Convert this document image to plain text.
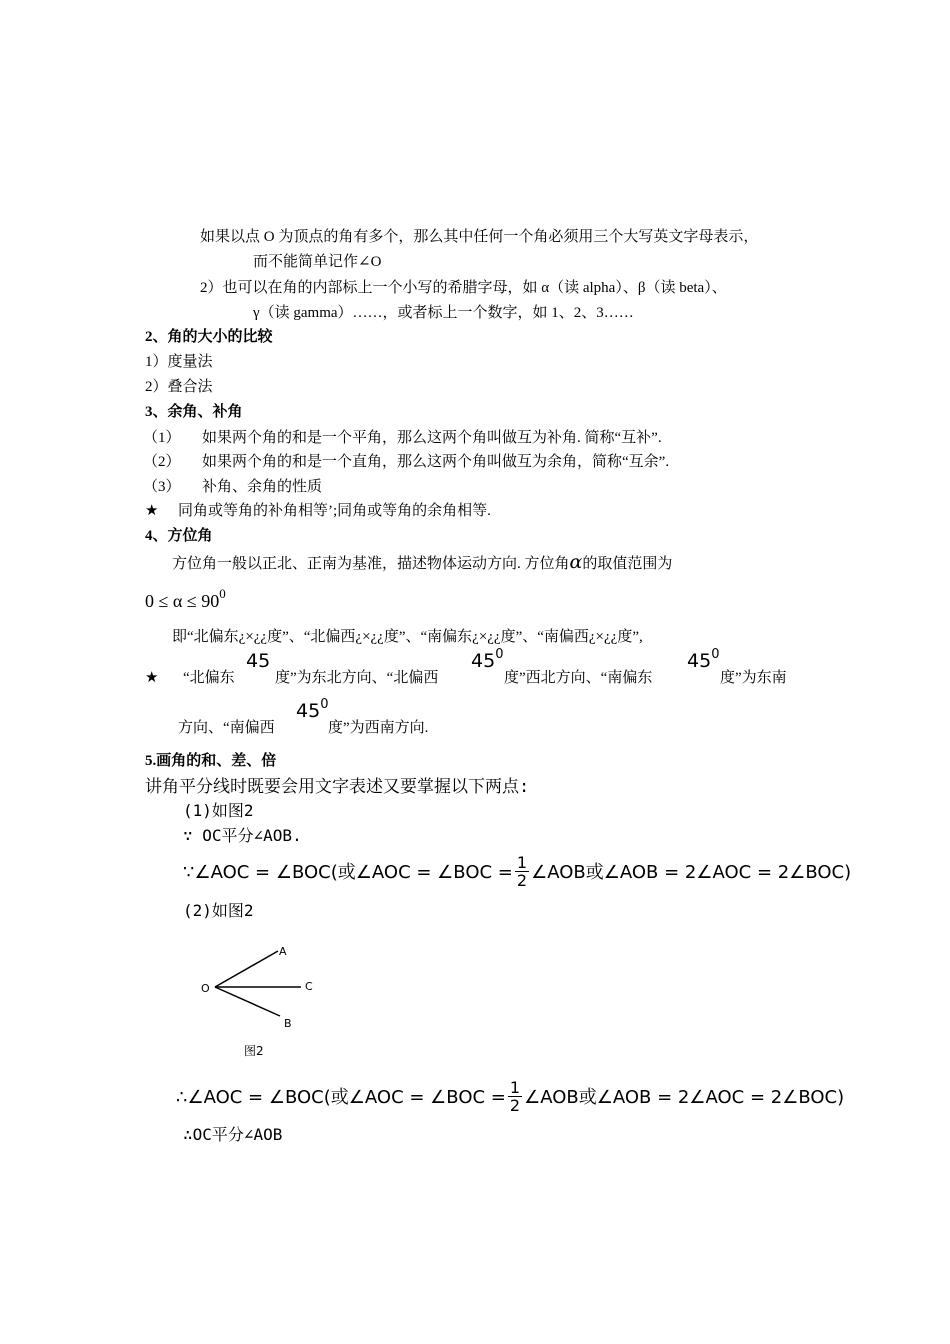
如果以点 O 为顶点的角有多个，那么其中任何一个角必须用三个大写英文字母表示，
而不能简单记作∠O
2）也可以在角的内部标上一个小写的希腊字母，如 α（读 alpha）、β（读 beta）、
γ（读 gamma）……，或者标上一个数字，如 1、2、3……
2、角的大小的比较
1）度量法
2）叠合法
3、余角、补角
（1） 如果两个角的和是一个平角，那么这两个角叫做互为补角. 简称“互补”.
（2） 如果两个角的和是一个直角，那么这两个角叫做互为余角，简称“互余”.
（3） 补角、余角的性质
★ 同角或等角的补角相等’;同角或等角的余角相等.
4、方位角
方位角一般以正北、正南为基准，描述物体运动方向. 方位角α的取值范围为
$0 \le \alpha \le 90^0$
即“北偏东¿×¿¿度”、“北偏西¿×¿¿度”、“南偏东¿×¿¿度”、“南偏西¿×¿¿度”,
★ “北偏东
45
度”为东北方向、“北偏西
$45^0$
度”西北方向、“南偏东
$45^0$
度”为东南
方向、“南偏西
$45^0$
度”为西南方向.
5.画角的和、差、倍
讲角平分线时既要会用文字表述又要掌握以下两点:
(1)如图2
∵ OC平分∠AOB.
∵∠AOC = ∠BOC(或∠AOC = ∠BOC = $\frac{1}{2}$ ∠AOB或∠AOB = 2∠AOC = 2∠BOC)
(2)如图2
O
A
C
B
图2
∴∠AOC = ∠BOC(或∠AOC = ∠BOC = $\frac{1}{2}$ ∠AOB或∠AOB = 2∠AOC = 2∠BOC)
∴OC平分∠AOB
